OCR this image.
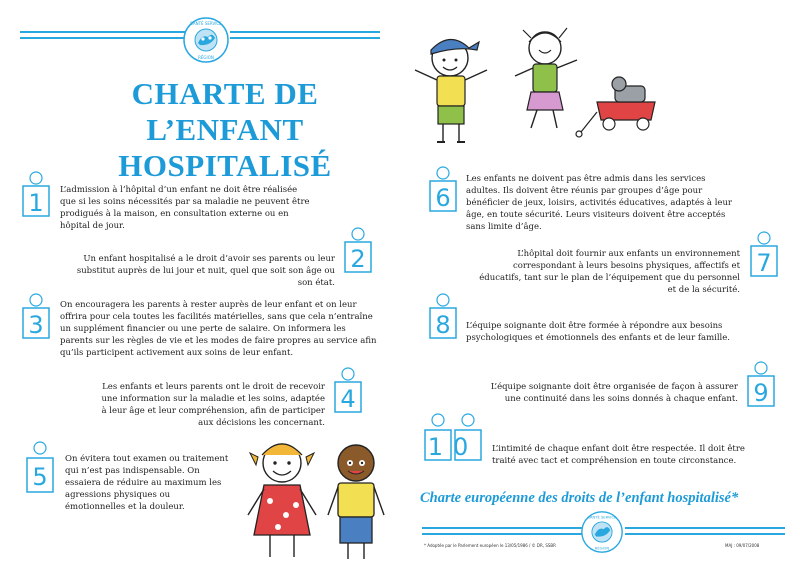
SANTÉ SERVICE
RÉGION
CHARTE DE
L’ENFANT HOSPITALISÉ
1 L’admission à l’hôpital d’un enfant ne doit être réalisée que si les soins nécessités par sa maladie ne peuvent être prodigués à la maison, en consultation externe ou en hôpital de jour.
Un enfant hospitalisé a le droit d’avoir ses parents ou leur substitut auprès de lui jour et nuit, quel que soit son âge ou son état.
2
3
On encouragera les parents à rester auprès de leur enfant et on leur offrira pour cela toutes les facilités matérielles, sans que cela n’entraîne un supplément financier ou une perte de salaire. On informera les parents sur les règles de vie et les modes de faire propres au service afin qu’ils participent activement aux soins de leur enfant.
Les enfants et leurs parents ont le droit de recevoir une information sur la maladie et les soins, adaptée à leur âge et leur compréhension, afin de participer aux décisions les concernant.
4
5
On évitera tout examen ou traitement qui n’est pas indispensable. On essaiera de réduire au maximum les agressions physiques ou émotionnelles et la douleur.
6
Les enfants ne doivent pas être admis dans les services adultes. Ils doivent être réunis par groupes d’âge pour bénéficier de jeux, loisirs, activités éducatives, adaptés à leur âge, en toute sécurité. Leurs visiteurs doivent être acceptés sans limite d’âge.
L’hôpital doit fournir aux enfants un environnement correspondant à leurs besoins physiques, affectifs et éducatifs, tant sur le plan de l’équipement que du personnel et de la sécurité.
7
8 L’équipe soignante doit être formée à répondre aux besoins psychologiques et émotionnels des enfants et de leur famille.
L’équipe soignante doit être organisée de façon à assurer une continuité dans les soins donnés à chaque enfant. 9
10 L’intimité de chaque enfant doit être respectée. Il doit être traité avec tact et compréhension en toute circonstance.
Charte européenne des droits de l’enfant hospitalisé*
SANTÉ SERVICE
RÉGION
* Adoptée par le Parlement européen le 13/05/1986 / © DR, SSBR	MAJ : 09/07/2008
